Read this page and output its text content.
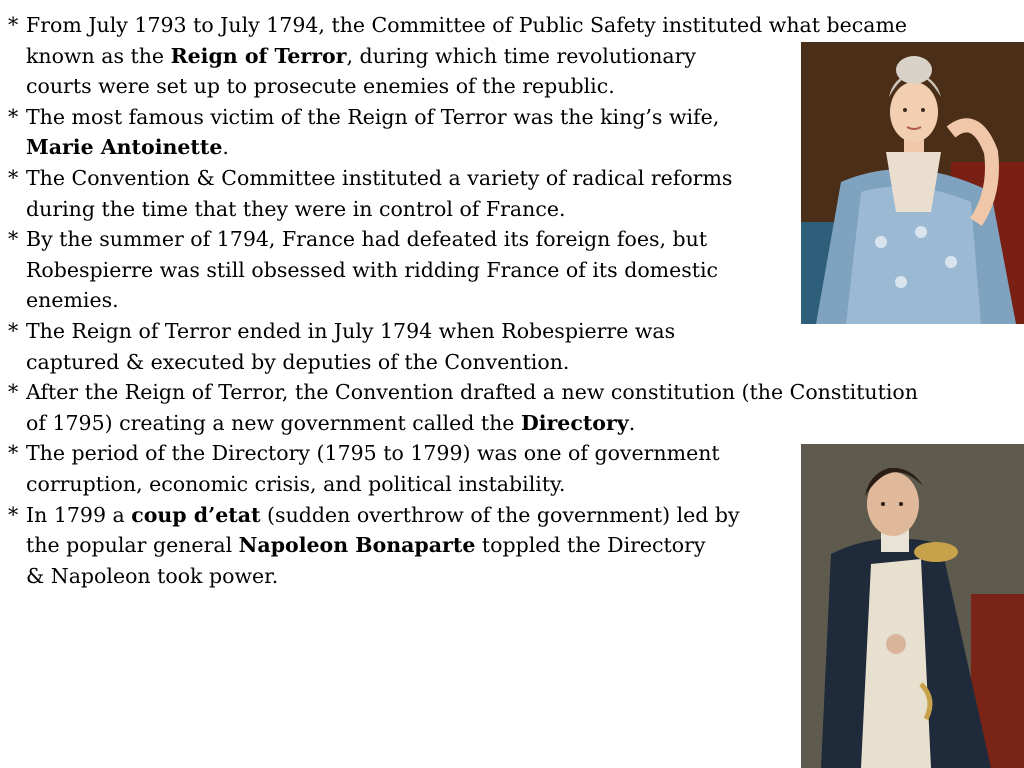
* From July 1793 to July 1794, the Committee of Public Safety instituted what became
known as the Reign of Terror, during which time revolutionary
courts were set up to prosecute enemies of the republic.
* The most famous victim of the Reign of Terror was the king’s wife,
Marie Antoinette.
* The Convention & Committee instituted a variety of radical reforms
during the time that they were in control of France.
* By the summer of 1794, France had defeated its foreign foes, but
Robespierre was still obsessed with ridding France of its domestic
enemies.
* The Reign of Terror ended in July 1794 when Robespierre was
captured & executed by deputies of the Convention.
* After the Reign of Terror, the Convention drafted a new constitution (the Constitution
of 1795) creating a new government called the Directory.
* The period of the Directory (1795 to 1799) was one of government
corruption, economic crisis, and political instability.
* In 1799 a coup d’etat (sudden overthrow of the government) led by
the popular general Napoleon Bonaparte toppled the Directory
& Napoleon took power.
